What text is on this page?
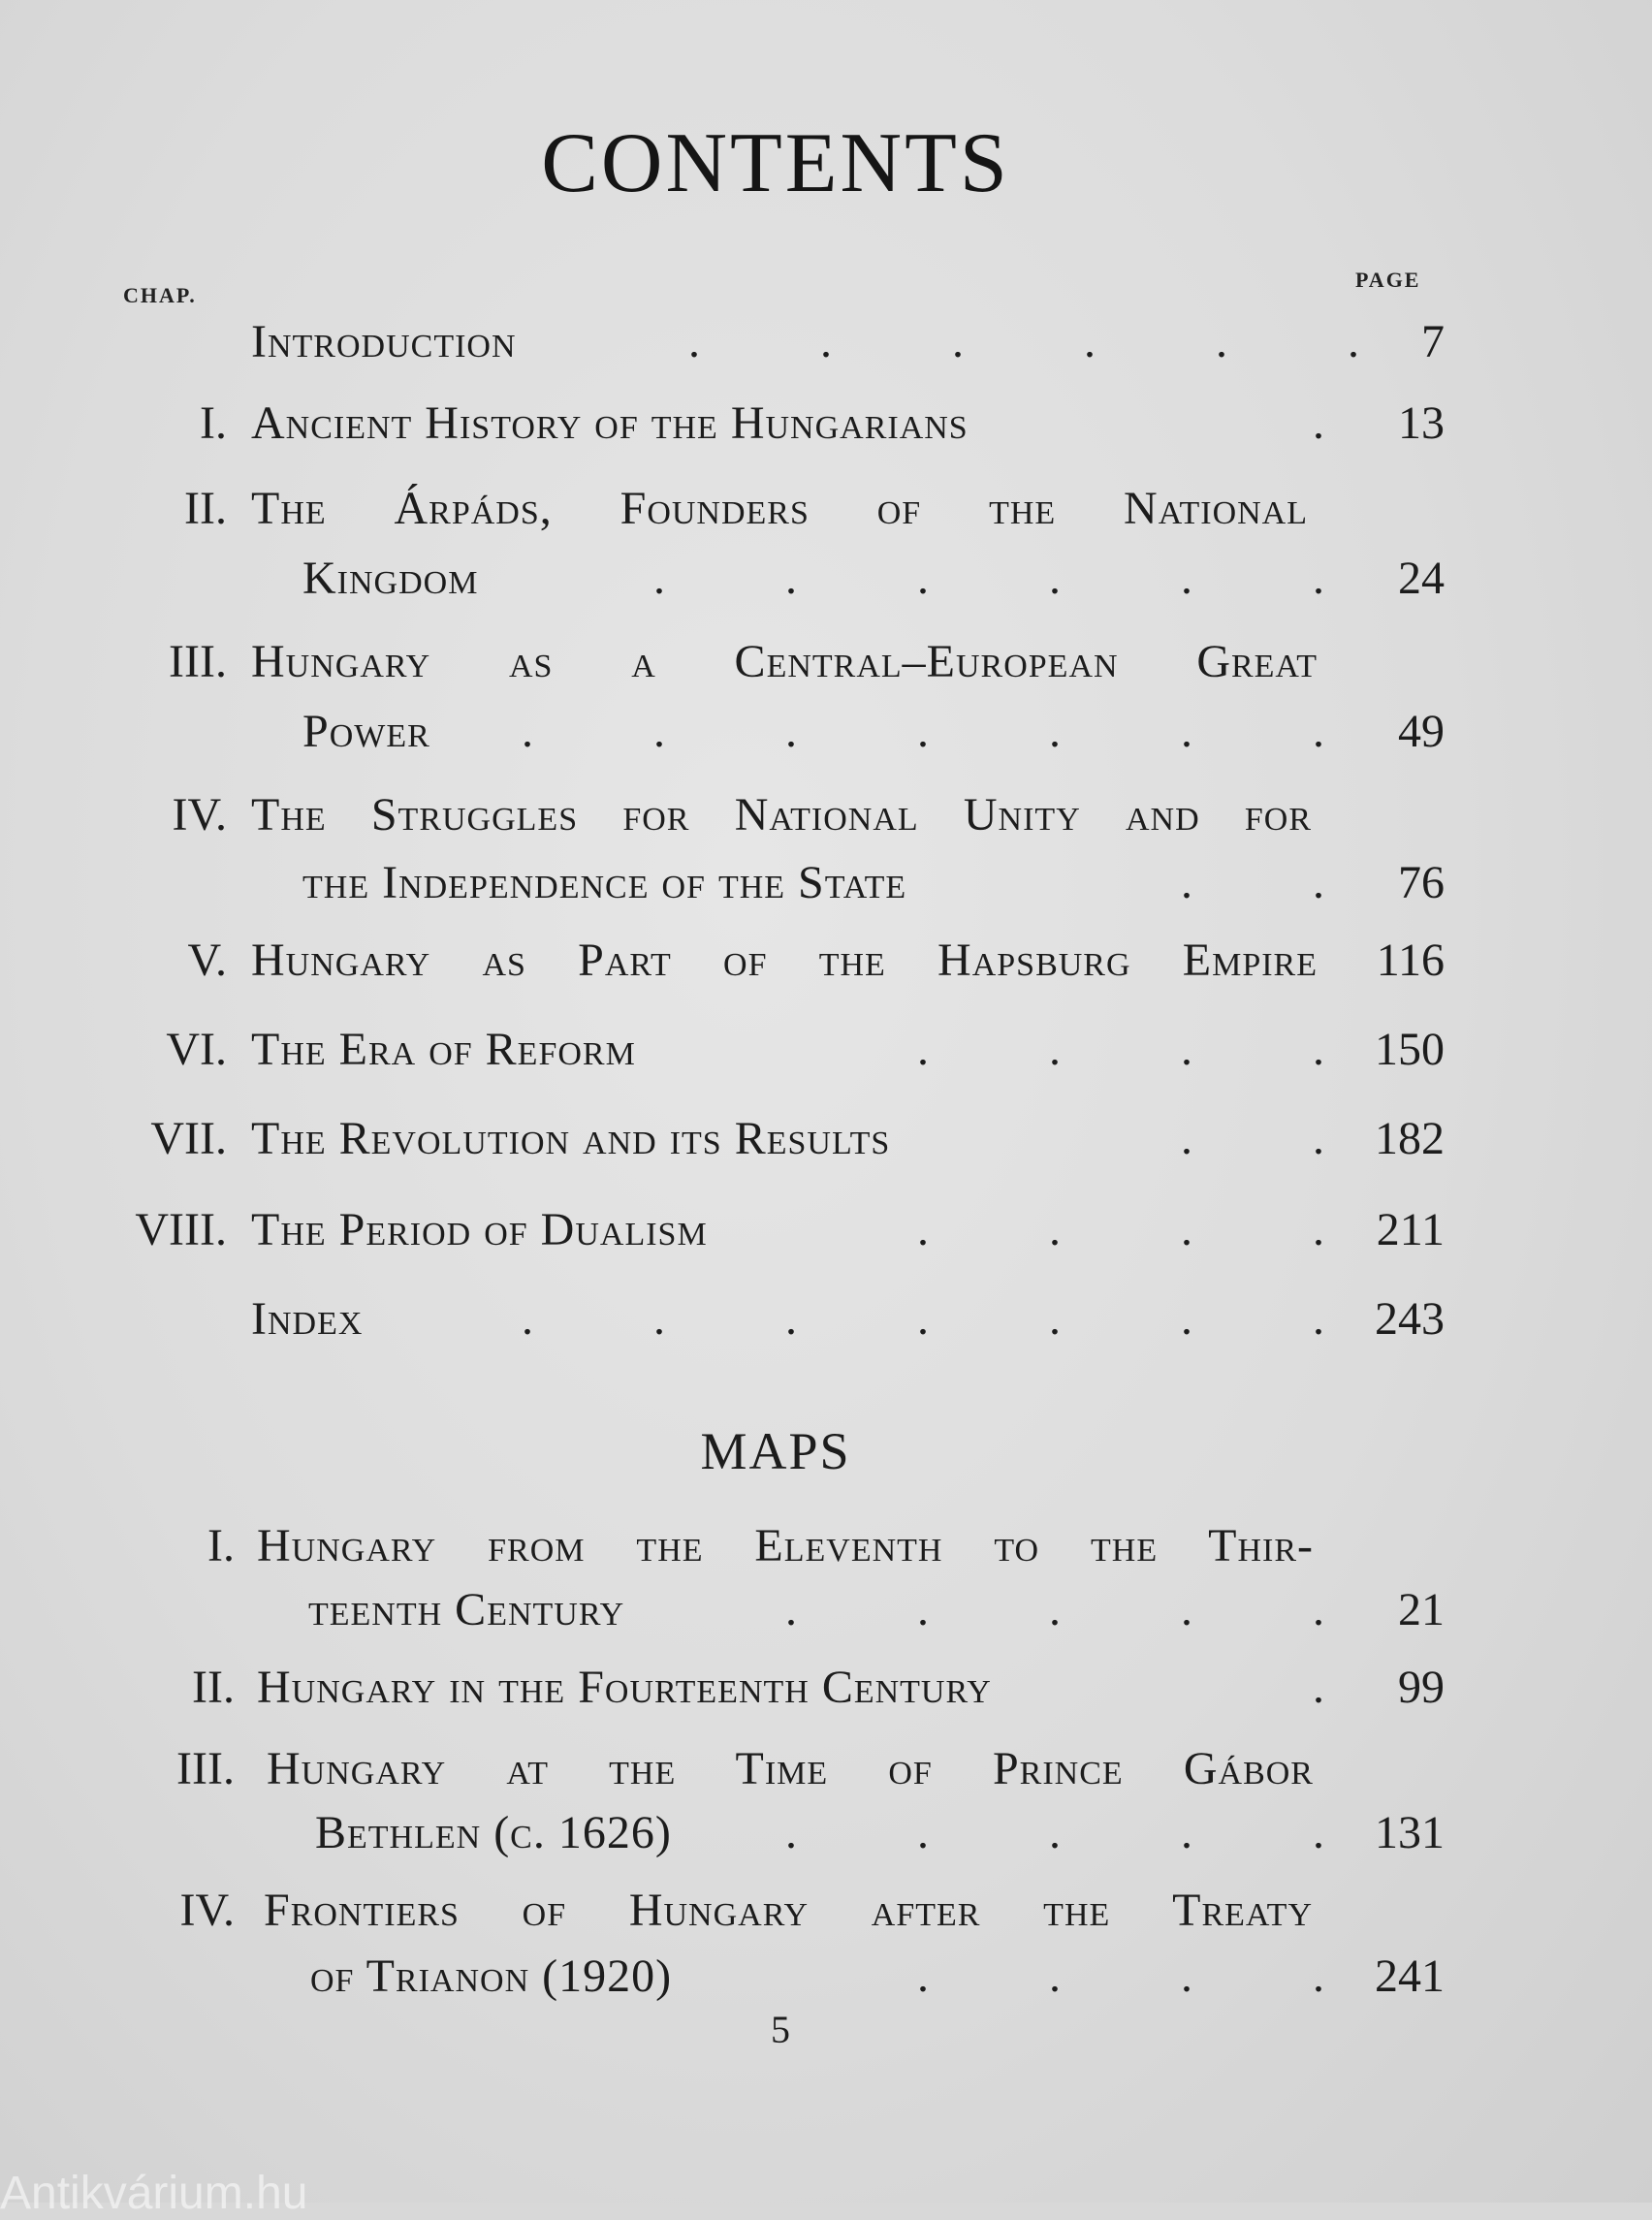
CONTENTS
CHAP.
PAGE
Introduction	.	.	.	.	.	.	7
I. Ancient History of the Hungarians	.	13
II. The Árpáds, Founders of the National
Kingdom	.	.	.	.	.	.	24
III. Hungary as a Central–European Great
Power	.	.	.	.	.	.	.	49
IV. The Struggles for National Unity and for
the Independence of the State	.	.	76
V. Hungary as Part of the Hapsburg Empire	116
VI. The Era of Reform	.	.	.	.	150
VII. The Revolution and its Results	.	.	182
VIII. The Period of Dualism	.	.	.	.	211
Index	.	.	.	.	.	.	.	243
MAPS
I. Hungary from the Eleventh to the Thir-
teenth Century	.	.	.	.	.	21
II. Hungary in the Fourteenth Century	.	99
III. Hungary at the Time of Prince Gábor
Bethlen (c. 1626)	.	.	.	.	.	131
IV. Frontiers of Hungary after the Treaty
of Trianon (1920)	.	.	.	.	241
5
Antikvárium.hu
